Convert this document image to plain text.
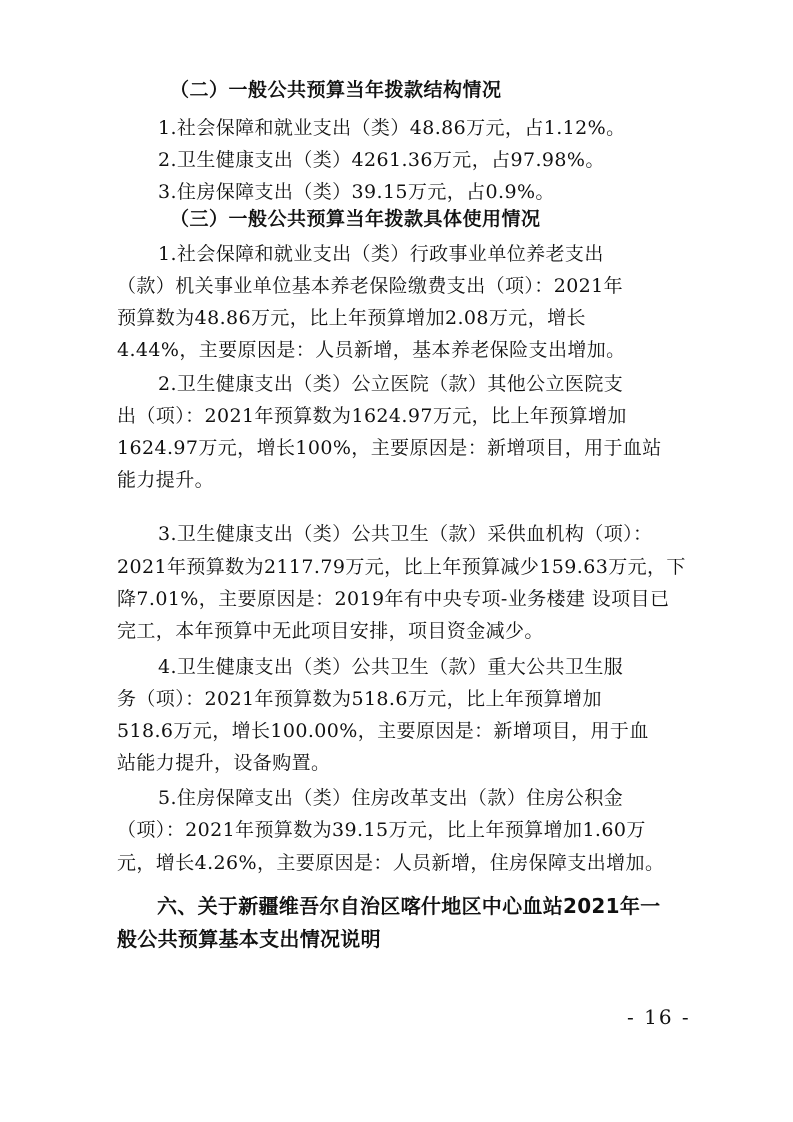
（二）一般公共预算当年拨款结构情况
1.社会保障和就业支出（类）48.86万元，占1.12%。
2.卫生健康支出（类）4261.36万元，占97.98%。
3.住房保障支出（类）39.15万元，占0.9%。
（三）一般公共预算当年拨款具体使用情况
1.社会保障和就业支出（类）行政事业单位养老支出
（款）机关事业单位基本养老保险缴费支出（项）：2021年
预算数为48.86万元，比上年预算增加2.08万元，增长
4.44%，主要原因是：人员新增，基本养老保险支出增加。
2.卫生健康支出（类）公立医院（款）其他公立医院支
出（项）：2021年预算数为1624.97万元，比上年预算增加
1624.97万元，增长100%，主要原因是：新增项目，用于血站
能力提升。
3.卫生健康支出（类）公共卫生（款）采供血机构（项）：
2021年预算数为2117.79万元，比上年预算减少159.63万元，下
降7.01%，主要原因是：2019年有中央专项-业务楼建 设项目已
完工，本年预算中无此项目安排，项目资金减少。
4.卫生健康支出（类）公共卫生（款）重大公共卫生服
务（项）：2021年预算数为518.6万元，比上年预算增加
518.6万元，增长100.00%，主要原因是：新增项目，用于血
站能力提升，设备购置。
5.住房保障支出（类）住房改革支出（款）住房公积金
（项）：2021年预算数为39.15万元，比上年预算增加1.60万
元，增长4.26%，主要原因是：人员新增，住房保障支出增加。
六、关于新疆维吾尔自治区喀什地区中心血站2021年一
般公共预算基本支出情况说明
- 16 -
